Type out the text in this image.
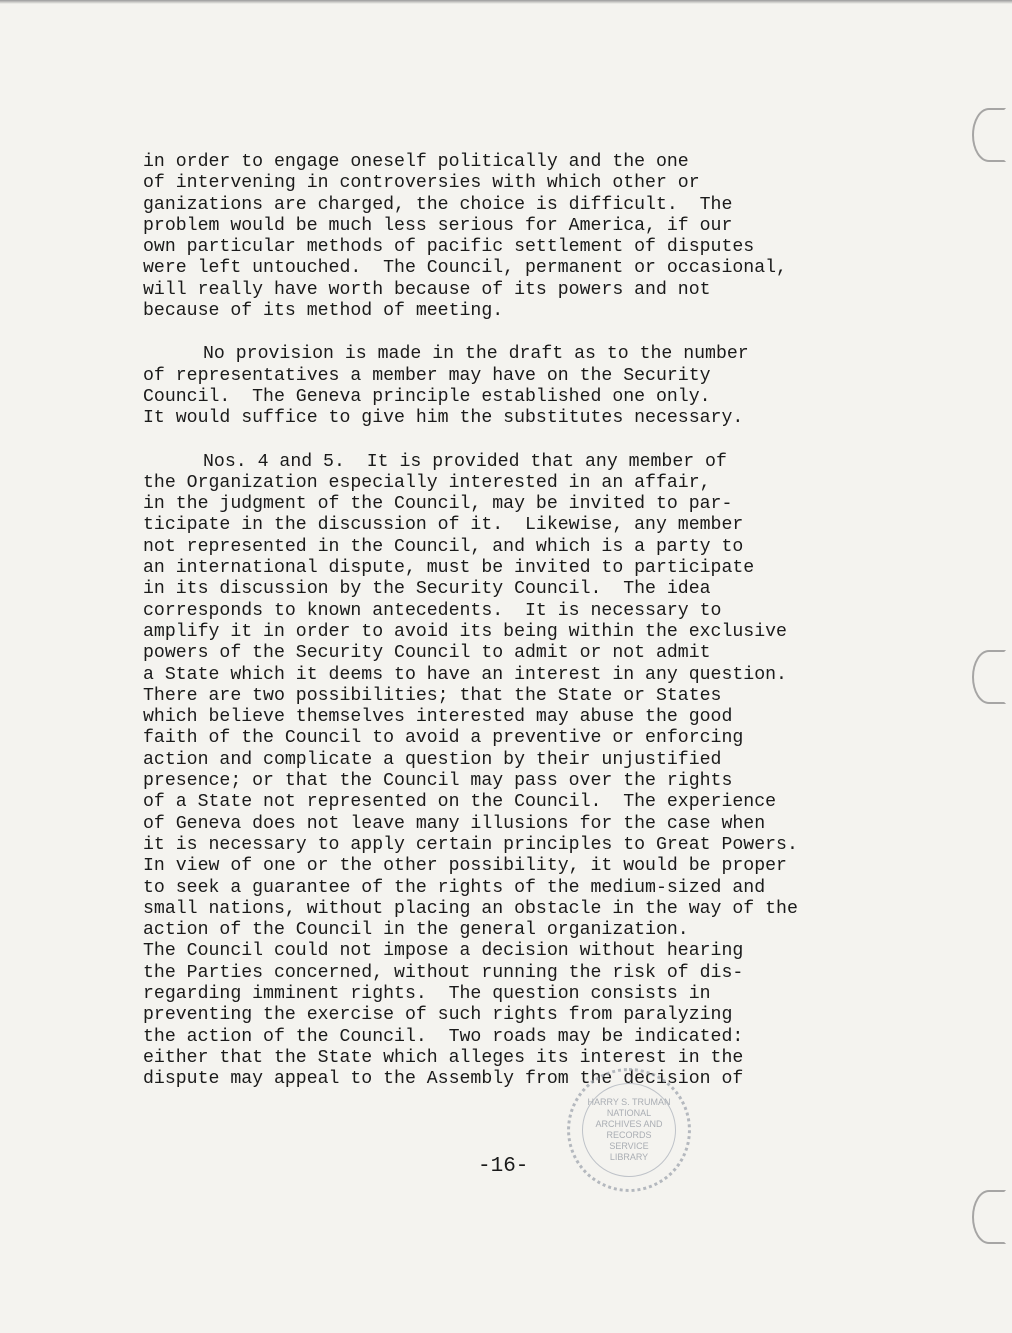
in order to engage oneself politically and the one
of intervening in controversies with which other or
ganizations are charged, the choice is difficult.  The
problem would be much less serious for America, if our
own particular methods of pacific settlement of disputes
were left untouched.  The Council, permanent or occasional,
will really have worth because of its powers and not
because of its method of meeting.
No provision is made in the draft as to the number
of representatives a member may have on the Security
Council.  The Geneva principle established one only.
It would suffice to give him the substitutes necessary.
Nos. 4 and 5.  It is provided that any member of
the Organization especially interested in an affair,
in the judgment of the Council, may be invited to par-
ticipate in the discussion of it.  Likewise, any member
not represented in the Council, and which is a party to
an international dispute, must be invited to participate
in its discussion by the Security Council.  The idea
corresponds to known antecedents.  It is necessary to
amplify it in order to avoid its being within the exclusive
powers of the Security Council to admit or not admit
a State which it deems to have an interest in any question.
There are two possibilities; that the State or States
which believe themselves interested may abuse the good
faith of the Council to avoid a preventive or enforcing
action and complicate a question by their unjustified
presence; or that the Council may pass over the rights
of a State not represented on the Council.  The experience
of Geneva does not leave many illusions for the case when
it is necessary to apply certain principles to Great Powers.
In view of one or the other possibility, it would be proper
to seek a guarantee of the rights of the medium-sized and
small nations, without placing an obstacle in the way of the
action of the Council in the general organization.
The Council could not impose a decision without hearing
the Parties concerned, without running the risk of dis-
regarding imminent rights.  The question consists in
preventing the exercise of such rights from paralyzing
the action of the Council.  Two roads may be indicated:
either that the State which alleges its interest in the
dispute may appeal to the Assembly from the decision of
-16-
HARRY S. TRUMAN
NATIONAL
ARCHIVES AND
RECORDS
SERVICE
LIBRARY
